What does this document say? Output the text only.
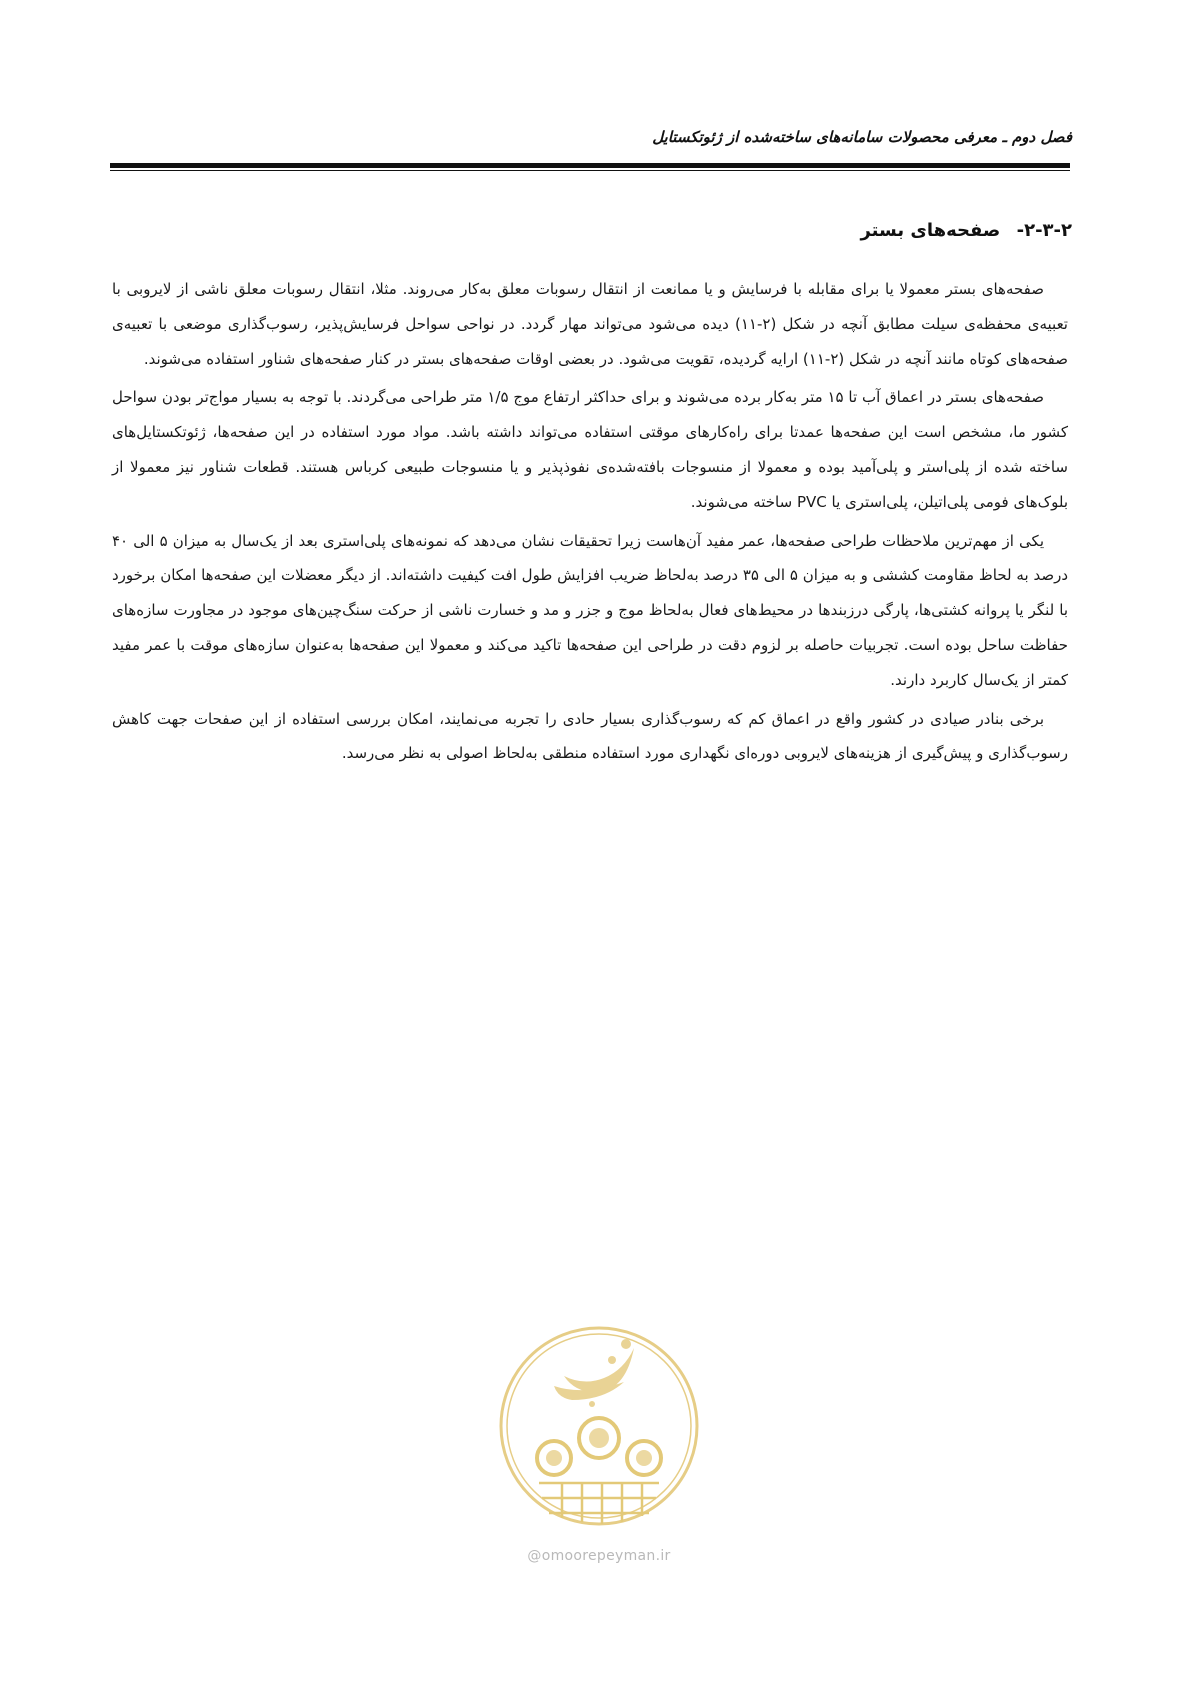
فصل دوم ـ معرفی محصولات سامانه‌های ساخته‌شده از ژئوتکستایل
۲-۳-۲- صفحه‌های بستر

صفحه‌های بستر معمولا یا برای مقابله با فرسایش و یا ممانعت از انتقال رسوبات معلق به‌کار می‌روند. مثلا، انتقال رسوبات معلق ناشی از لایروبی با تعبیه‌ی محفظه‌ی سیلت مطابق آنچه در شکل (۲-۱۱) دیده می‌شود می‌تواند مهار گردد. در نواحی سواحل فرسایش‌پذیر، رسوب‌گذاری موضعی با تعبیه‌ی صفحه‌های کوتاه مانند آنچه در شکل (۲-۱۱) ارایه گردیده، تقویت می‌شود. در بعضی اوقات صفحه‌های بستر در کنار صفحه‌های شناور استفاده می‌شوند.

صفحه‌های بستر در اعماق آب تا ۱۵ متر به‌کار برده می‌شوند و برای حداکثر ارتفاع موج ۱/۵ متر طراحی می‌گردند. با توجه به بسیار مواج‌تر بودن سواحل کشور ما، مشخص است این صفحه‌ها عمدتا برای راه‌کارهای موقتی استفاده می‌تواند داشته باشد. مواد مورد استفاده در این صفحه‌ها، ژئوتکستایل‌های ساخته شده از پلی‌استر و پلی‌آمید بوده و معمولا از منسوجات بافته‌شده‌ی نفوذپذیر و یا منسوجات طبیعی کرباس هستند. قطعات شناور نیز معمولا از بلوک‌های فومی پلی‌اتیلن، پلی‌استری یا PVC ساخته می‌شوند.

یکی از مهم‌ترین ملاحظات طراحی صفحه‌ها، عمر مفید آن‌هاست زیرا تحقیقات نشان می‌دهد که نمونه‌های پلی‌استری بعد از یک‌سال به میزان ۵ الی ۴۰ درصد به لحاظ مقاومت کششی و به میزان ۵ الی ۳۵ درصد به‌لحاظ ضریب افزایش طول افت کیفیت داشته‌اند. از دیگر معضلات این صفحه‌ها امکان برخورد با لنگر یا پروانه کشتی‌ها، پارگی درزبندها در محیط‌های فعال به‌لحاظ موج و جزر و مد و خسارت ناشی از حرکت سنگ‌چین‌های موجود در مجاورت سازه‌های حفاظت ساحل بوده است. تجربیات حاصله بر لزوم دقت در طراحی این صفحه‌ها تاکید می‌کند و معمولا این صفحه‌ها به‌عنوان سازه‌های موقت با عمر مفید کمتر از یک‌سال کاربرد دارند.

برخی بنادر صیادی در کشور واقع در اعماق کم که رسوب‌گذاری بسیار حادی را تجربه می‌نمایند، امکان بررسی استفاده از این صفحات جهت کاهش رسوب‌گذاری و پیش‌گیری از هزینه‌های لایروبی دوره‌ای نگهداری مورد استفاده منطقی به‌لحاظ اصولی به نظر می‌رسد.

@omoorepeyman.ir
